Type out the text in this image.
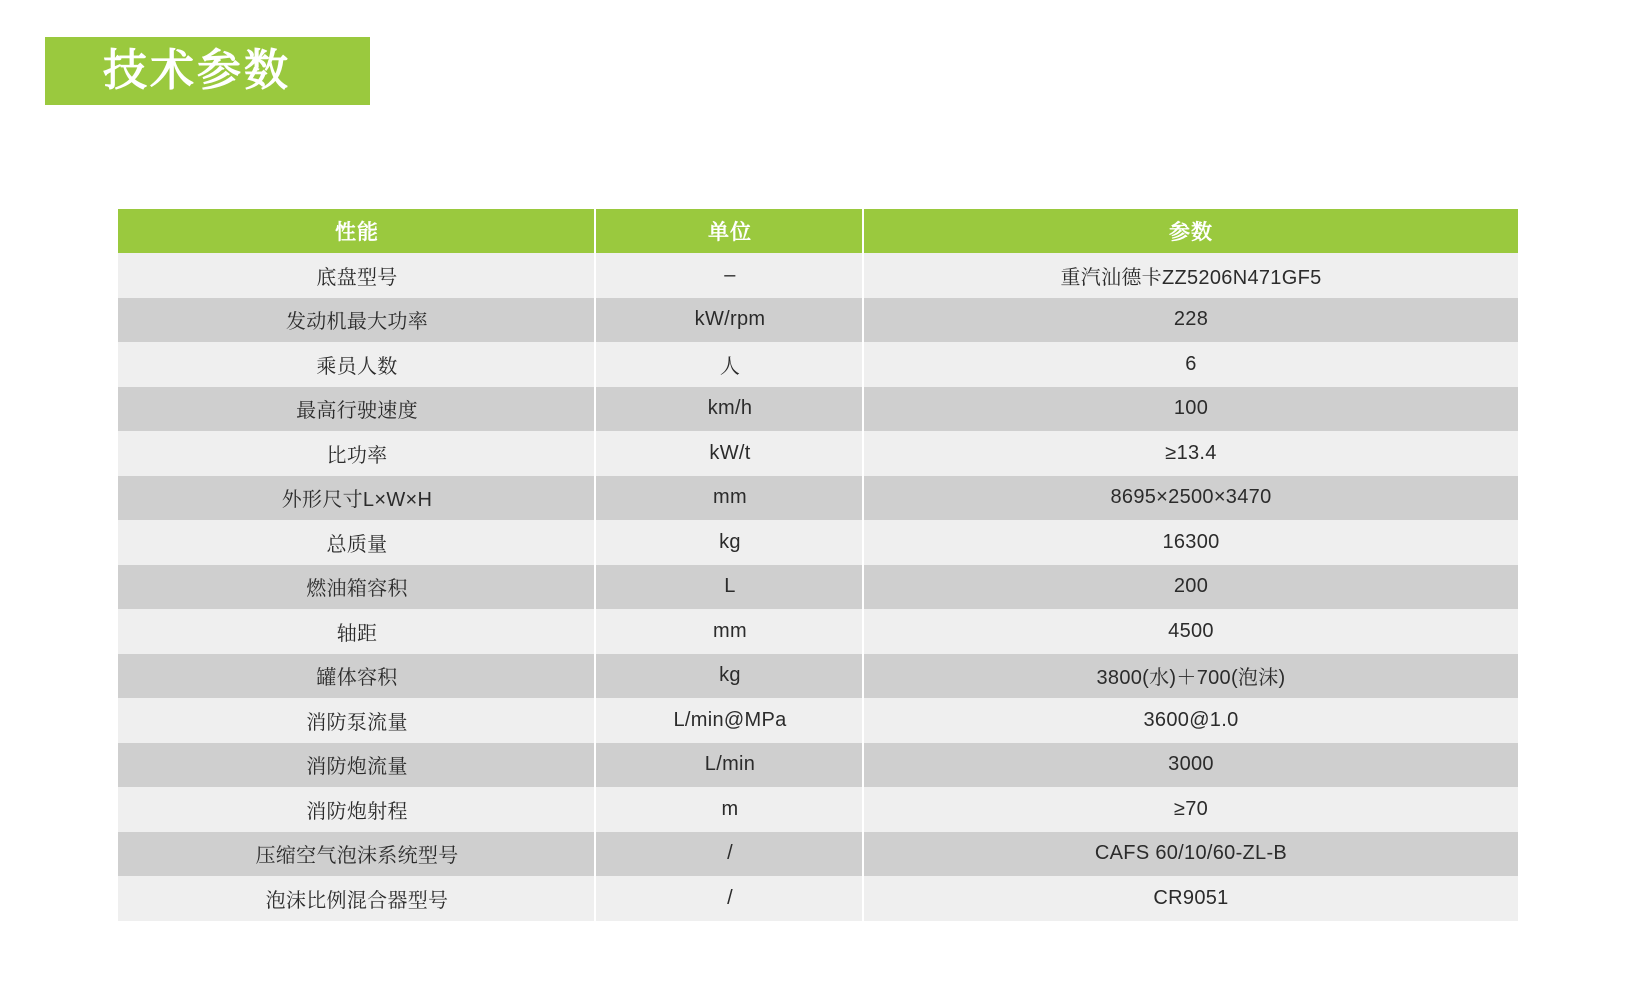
技术参数
性能	单位	参数
底盘型号	–	重汽汕德卡ZZ5206N471GF5
发动机最大功率	kW/rpm	228
乘员人数	人	6
最高行驶速度	km/h	100
比功率	kW/t	≥13.4
外形尺寸L×W×H	mm	8695×2500×3470
总质量	kg	16300
燃油箱容积	L	200
轴距	mm	4500
罐体容积	kg	3800(水)＋700(泡沫)
消防泵流量	L/min@MPa	3600@1.0
消防炮流量	L/min	3000
消防炮射程	m	≥70
压缩空气泡沫系统型号	/	CAFS 60/10/60-ZL-B
泡沫比例混合器型号	/	CR9051
